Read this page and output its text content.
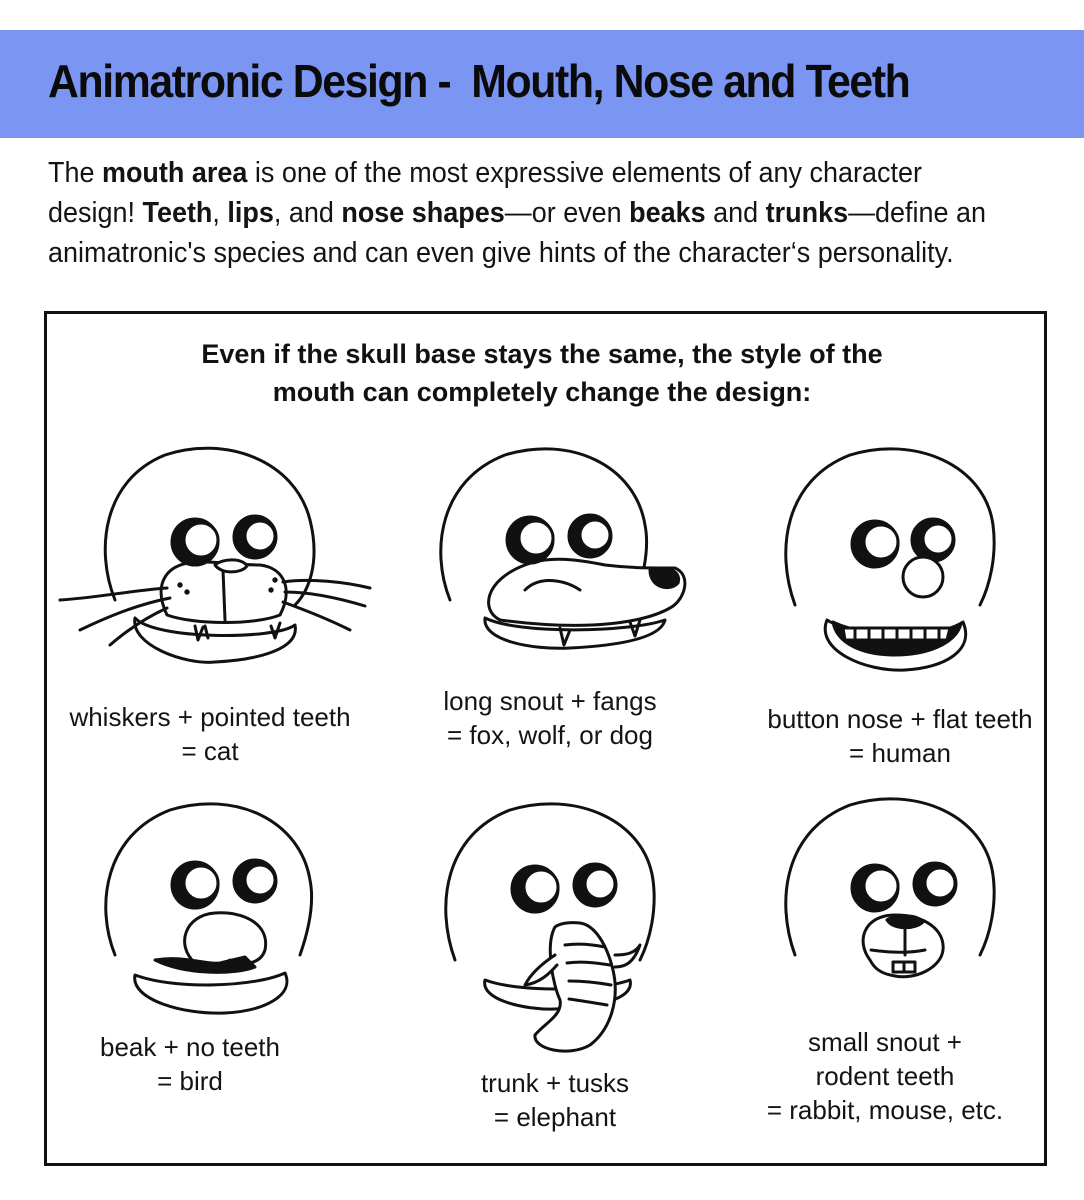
Animatronic Design -  Mouth, Nose and Teeth

The mouth area is one of the most expressive elements of any character
design! Teeth, lips, and nose shapes—or even beaks and trunks—define an
animatronic's species and can even give hints of the character‘s personality.

Even if the skull base stays the same, the style of the
mouth can completely change the design:
whiskers + pointed teeth
= cat
long snout + fangs
= fox, wolf, or dog
button nose + flat teeth
= human
beak + no teeth
= bird	trunk + tusks
= elephant
small snout +
rodent teeth
= rabbit, mouse, etc.
